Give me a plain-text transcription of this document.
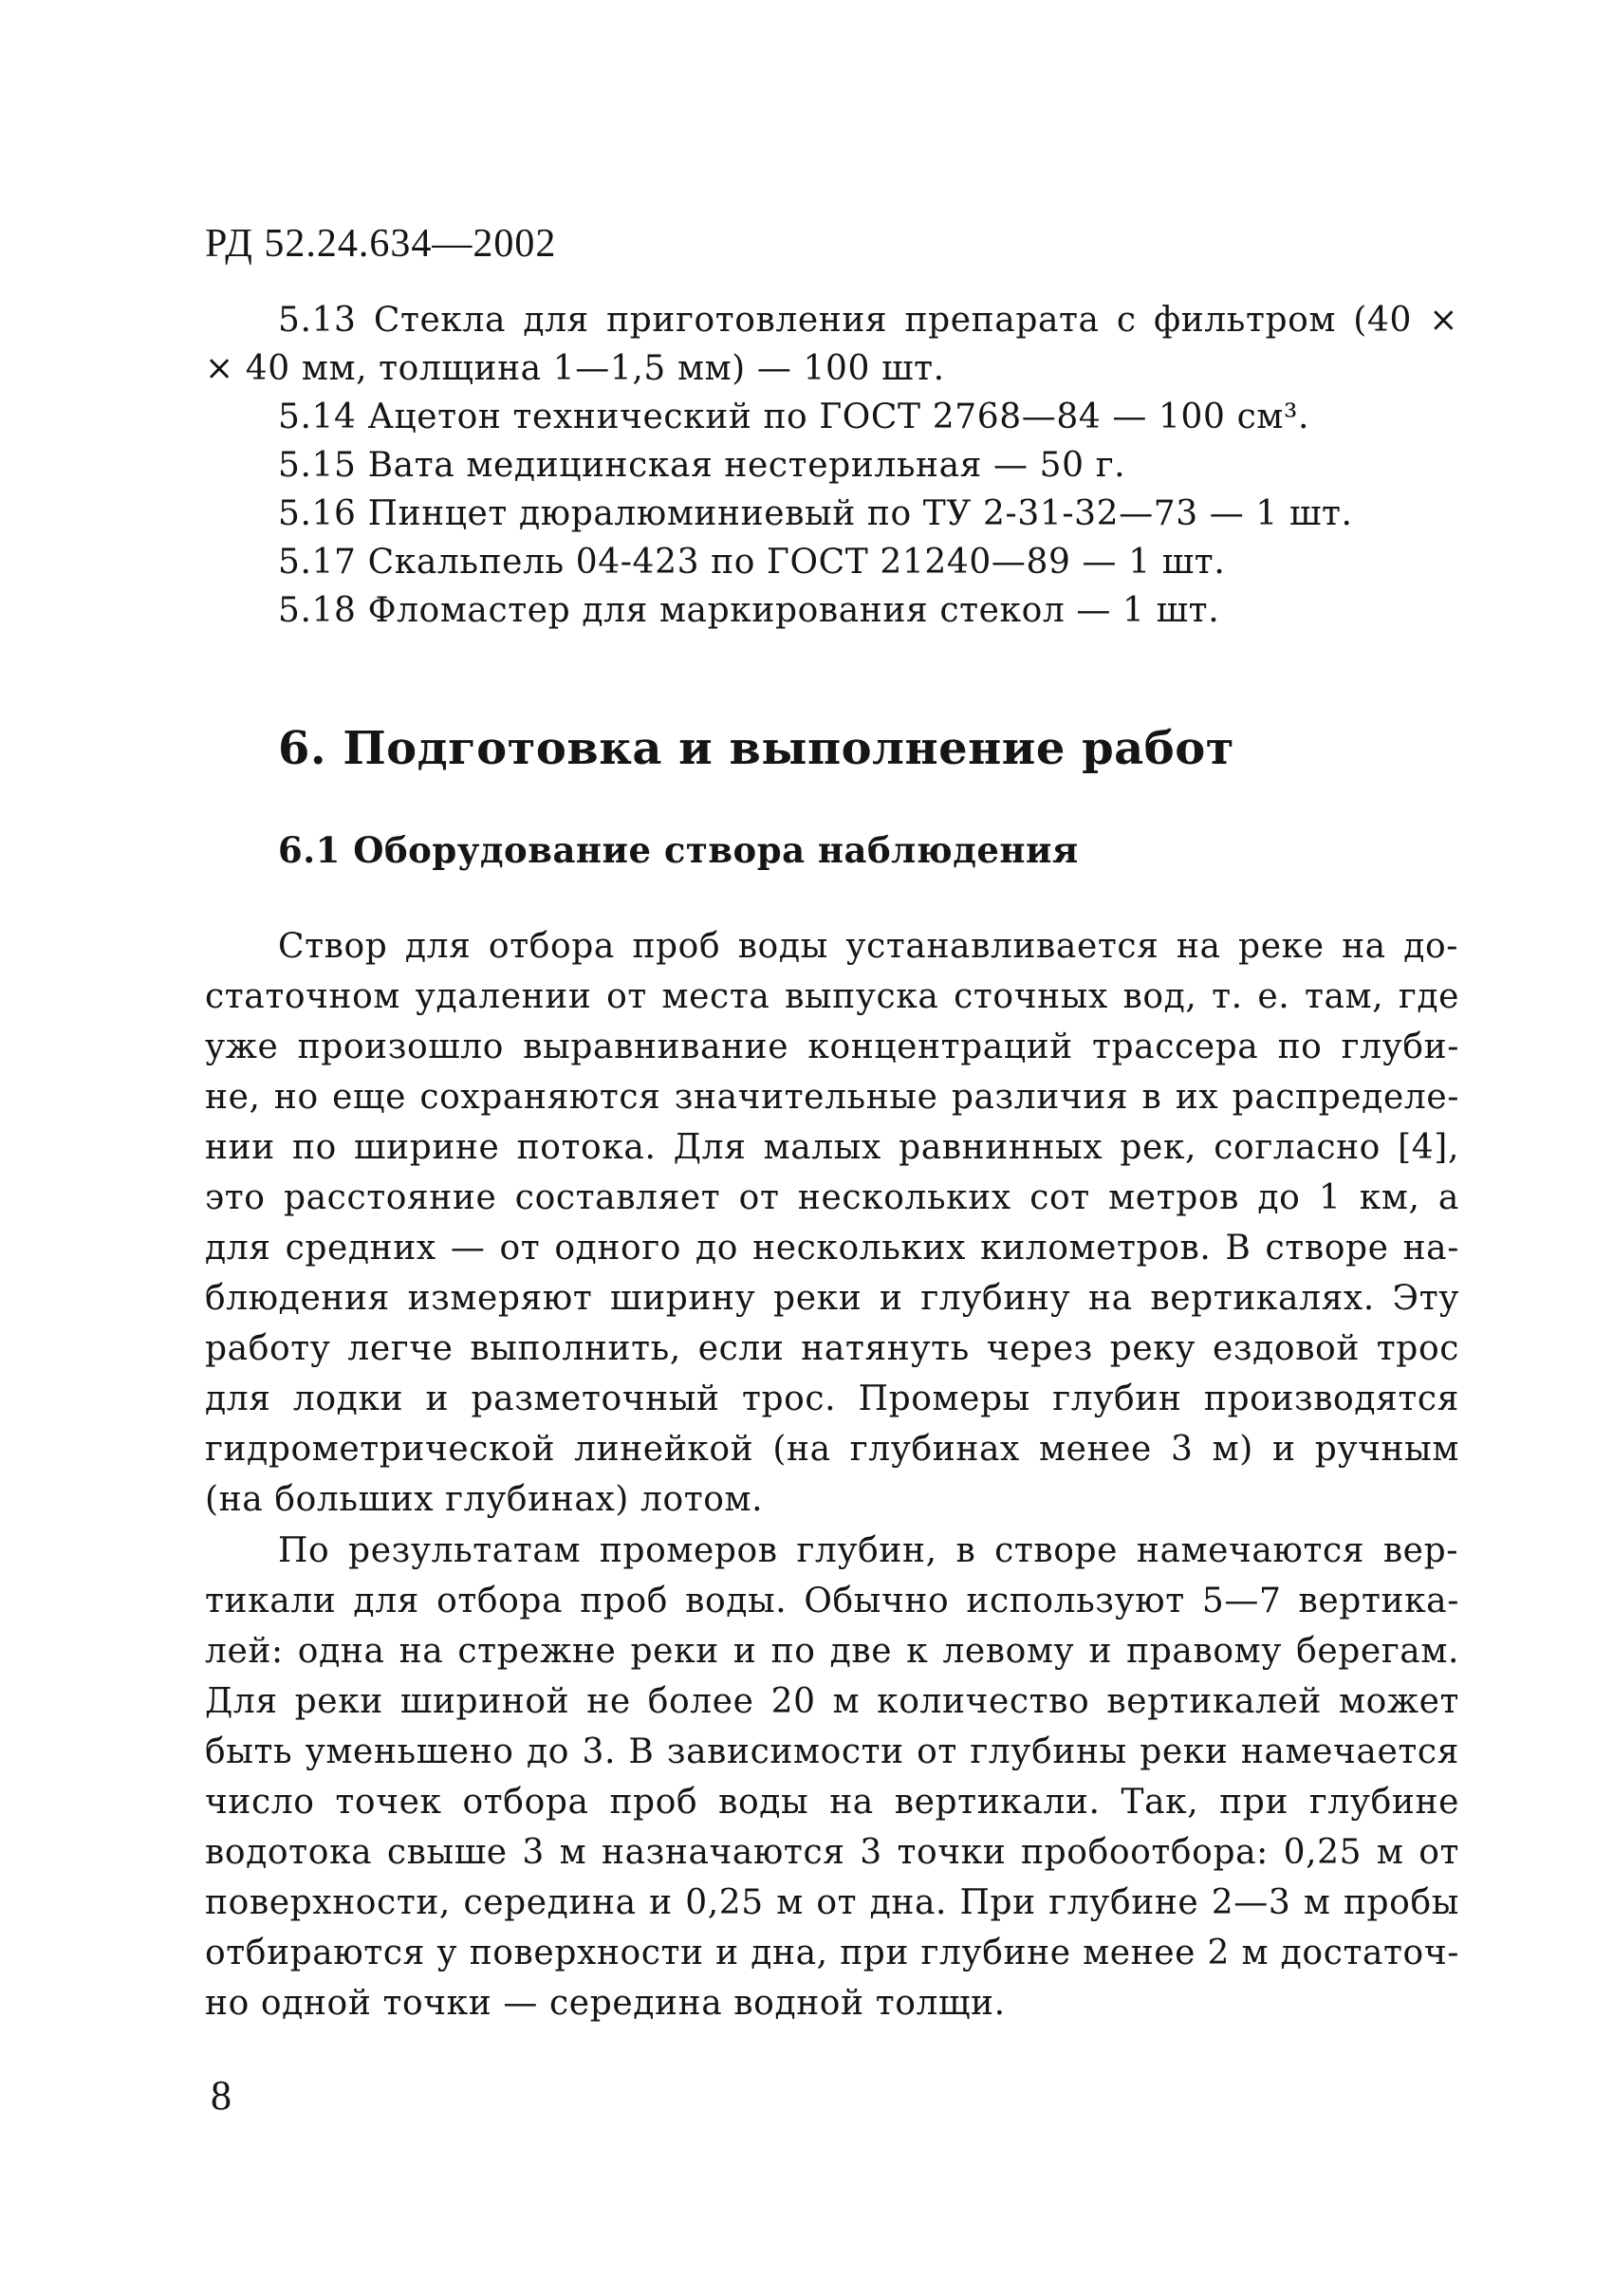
РД 52.24.634—2002
5.13 Стекла для приготовления препарата с фильтром (40 ×
× 40 мм, толщина 1—1,5 мм) — 100 шт.
5.14 Ацетон технический по ГОСТ 2768—84 — 100 см³.
5.15 Вата медицинская нестерильная — 50 г.
5.16 Пинцет дюралюминиевый по ТУ 2-31-32—73 — 1 шт.
5.17 Скальпель 04-423 по ГОСТ 21240—89 — 1 шт.
5.18 Фломастер для маркирования стекол — 1 шт.
6. Подготовка и выполнение работ
6.1 Оборудование створа наблюдения
Створ для отбора проб воды устанавливается на реке на до-
статочном удалении от места выпуска сточных вод, т. е. там, где
уже произошло выравнивание концентраций трассера по глуби-
не, но еще сохраняются значительные различия в их распределе-
нии по ширине потока. Для малых равнинных рек, согласно [4],
это расстояние составляет от нескольких сот метров до 1 км, а
для средних — от одного до нескольких километров. В створе на-
блюдения измеряют ширину реки и глубину на вертикалях. Эту
работу легче выполнить, если натянуть через реку ездовой трос
для лодки и разметочный трос. Промеры глубин производятся
гидрометрической линейкой (на глубинах менее 3 м) и ручным
(на больших глубинах) лотом.
По результатам промеров глубин, в створе намечаются вер-
тикали для отбора проб воды. Обычно используют 5—7 вертика-
лей: одна на стрежне реки и по две к левому и правому берегам.
Для реки шириной не более 20 м количество вертикалей может
быть уменьшено до 3. В зависимости от глубины реки намечается
число точек отбора проб воды на вертикали. Так, при глубине
водотока свыше 3 м назначаются 3 точки пробоотбора: 0,25 м от
поверхности, середина и 0,25 м от дна. При глубине 2—3 м пробы
отбираются у поверхности и дна, при глубине менее 2 м достаточ-
но одной точки — середина водной толщи.
8
